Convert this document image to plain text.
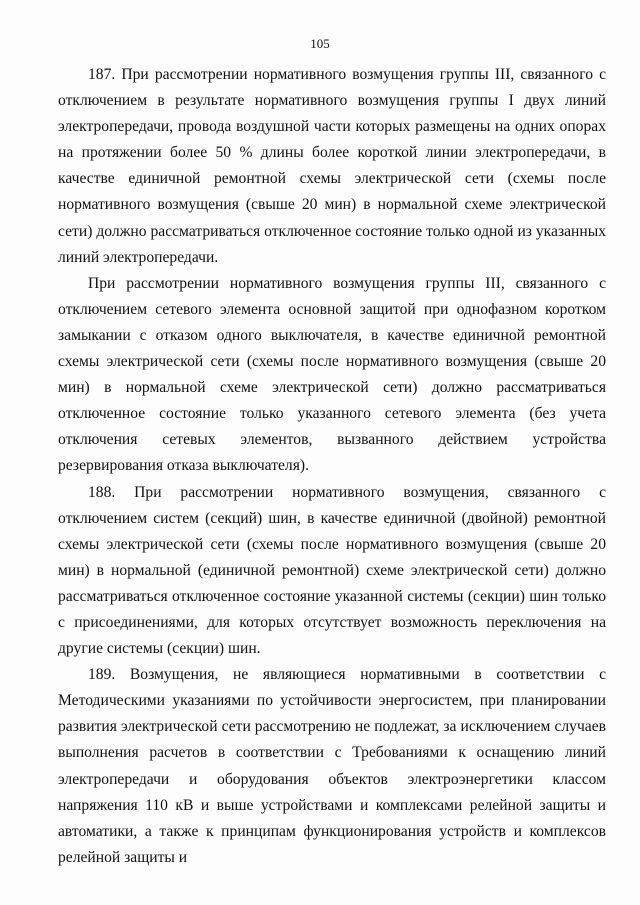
105

187. При рассмотрении нормативного возмущения группы III, связанного с отключением в результате нормативного возмущения группы I двух линий электропередачи, провода воздушной части которых размещены на одних опорах на протяжении более 50 % длины более короткой линии электропередачи, в качестве единичной ремонтной схемы электрической сети (схемы после нормативного возмущения (свыше 20 мин) в нормальной схеме электрической сети) должно рассматриваться отключенное состояние только одной из указанных линий электропередачи.

При рассмотрении нормативного возмущения группы III, связанного с отключением сетевого элемента основной защитой при однофазном коротком замыкании с отказом одного выключателя, в качестве единичной ремонтной схемы электрической сети (схемы после нормативного возмущения (свыше 20 мин) в нормальной схеме электрической сети) должно рассматриваться отключенное состояние только указанного сетевого элемента (без учета отключения сетевых элементов, вызванного действием устройства резервирования отказа выключателя).

188. При рассмотрении нормативного возмущения, связанного с отключением систем (секций) шин, в качестве единичной (двойной) ремонтной схемы электрической сети (схемы после нормативного возмущения (свыше 20 мин) в нормальной (единичной ремонтной) схеме электрической сети) должно рассматриваться отключенное состояние указанной системы (секции) шин только с присоединениями, для которых отсутствует возможность переключения на другие системы (секции) шин.

189. Возмущения, не являющиеся нормативными в соответствии с Методическими указаниями по устойчивости энергосистем, при планировании развития электрической сети рассмотрению не подлежат, за исключением случаев выполнения расчетов в соответствии с Требованиями к оснащению линий электропередачи и оборудования объектов электроэнергетики классом напряжения 110 кВ и выше устройствами и комплексами релейной защиты и автоматики, а также к принципам функционирования устройств и комплексов релейной защиты и
